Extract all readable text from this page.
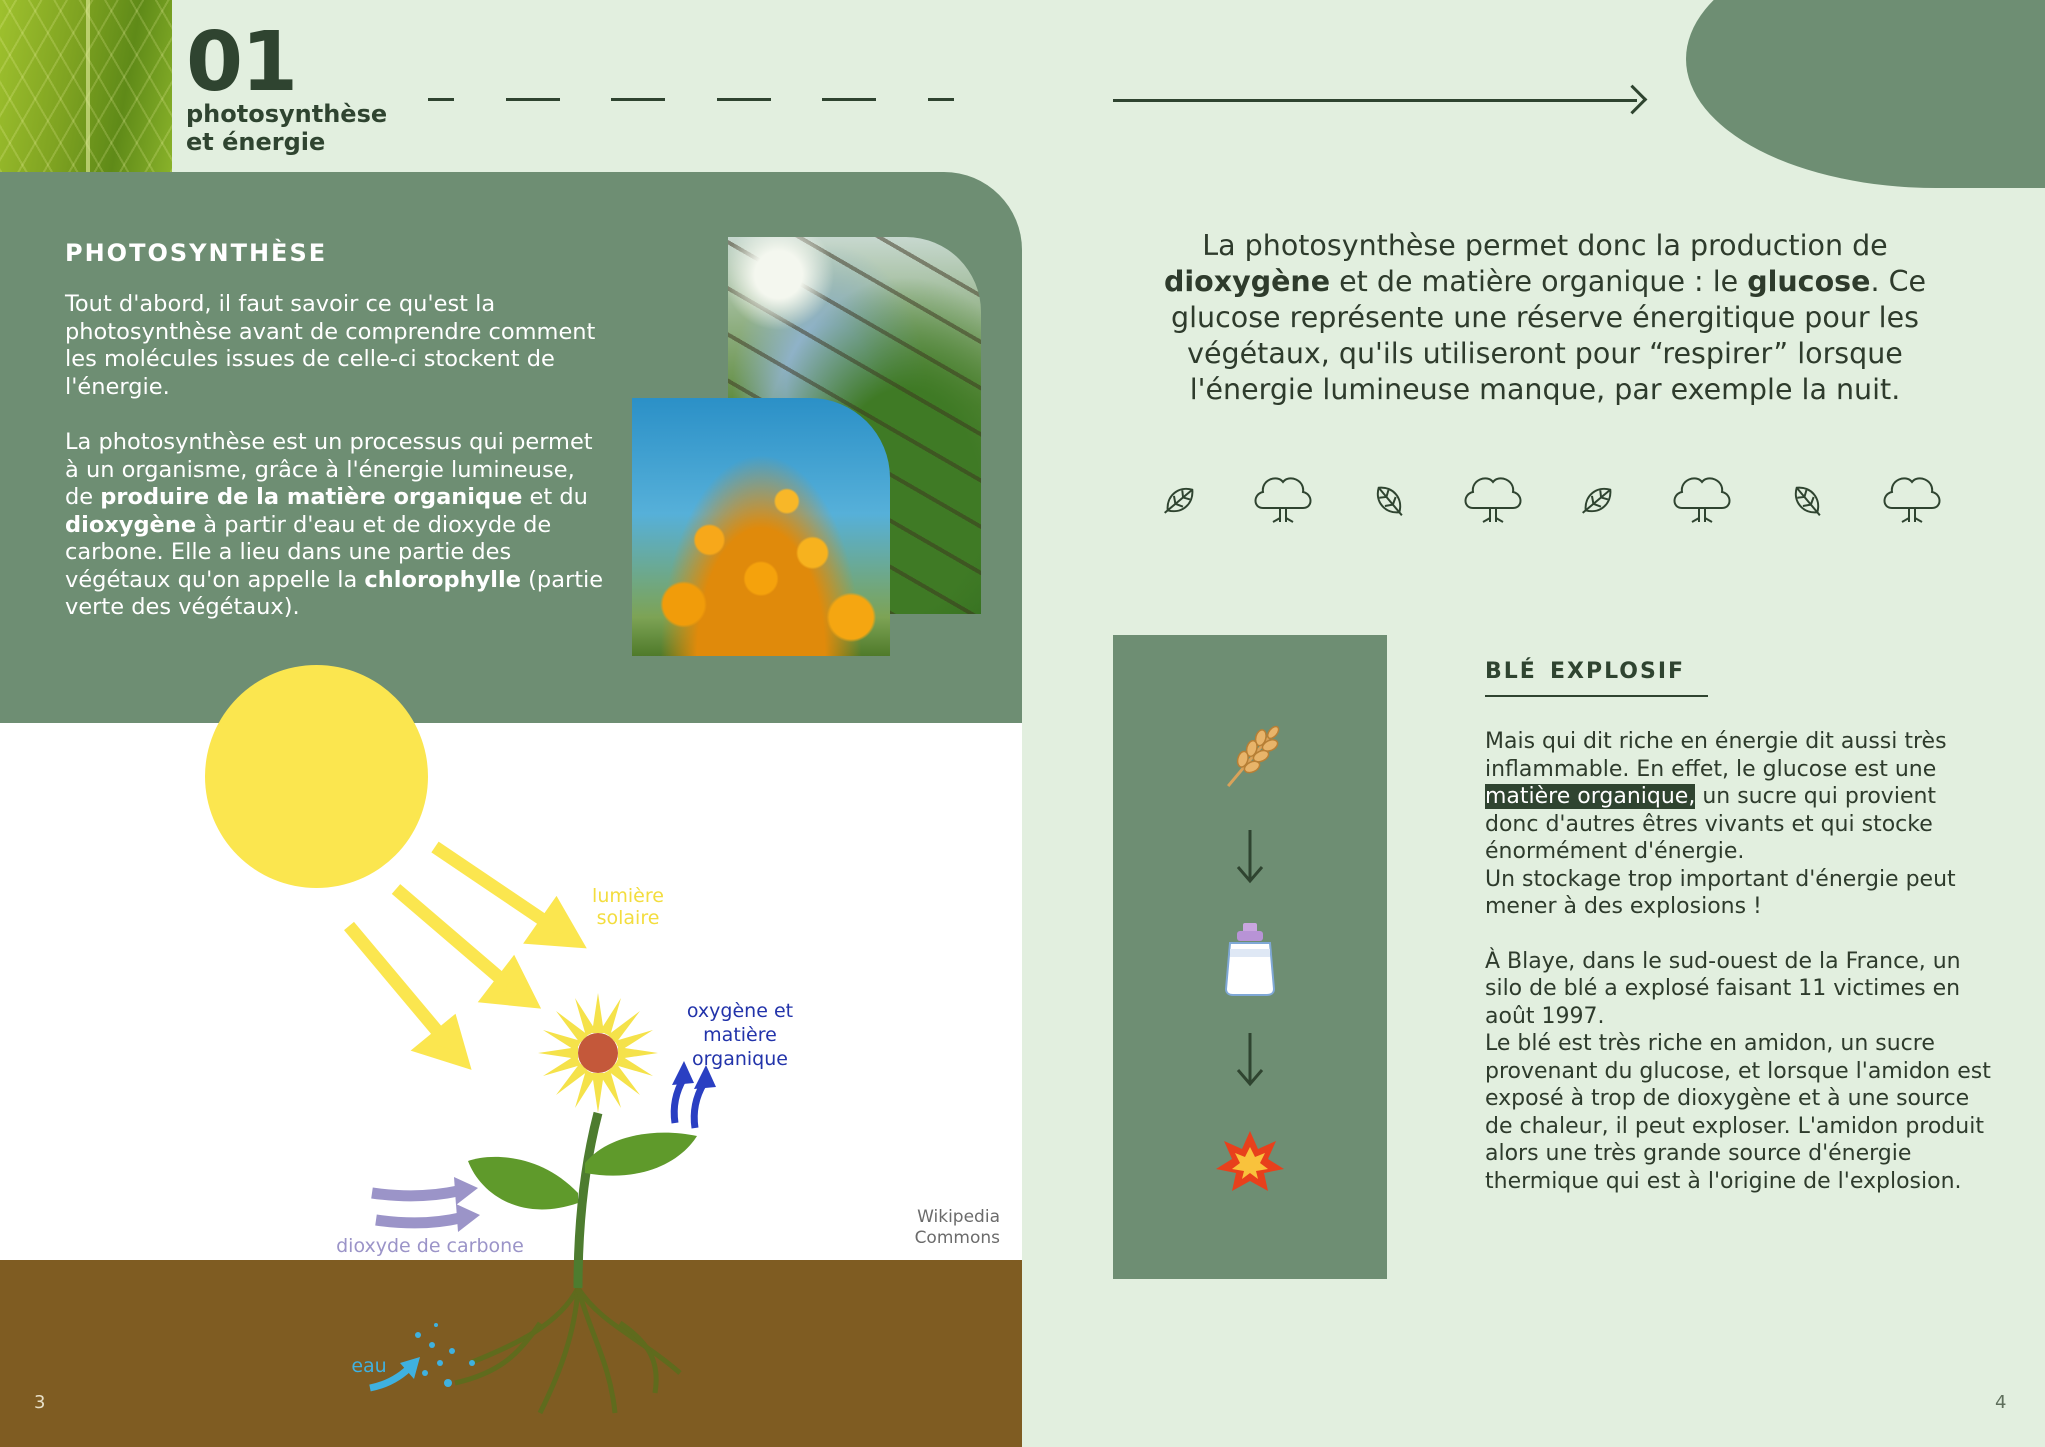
01
photosynthèse
et énergie
photosynthèse
Tout d'abord, il faut savoir ce qu'est la photosynthèse avant de comprendre comment les molécules issues de celle-ci stockent de l'énergie.
La photosynthèse est un processus qui permet à un organisme, grâce à l'énergie lumineuse, de produire de la matière organique et du dioxygène à partir d'eau et de dioxyde de carbone. Elle a lieu dans une partie des végétaux qu'on appelle la chlorophylle (partie verte des végétaux).
lumière
solaire
oxygène et
matière
organique
dioxyde de carbone
eau
Wikipedia
Commons
3
La photosynthèse permet donc la production de dioxygène et de matière organique : le glucose. Ce glucose représente une réserve énergitique pour les végétaux, qu'ils utiliseront pour “respirer” lorsque l'énergie lumineuse manque, par exemple la nuit.
blé explosif
Mais qui dit riche en énergie dit aussi très inflammable. En effet, le glucose est une matière organique, un sucre qui provient donc d'autres êtres vivants et qui stocke énormément d'énergie.
Un stockage trop important d'énergie peut mener à des explosions !
À Blaye, dans le sud-ouest de la France, un silo de blé a explosé faisant 11 victimes en août 1997.
Le blé est très riche en amidon, un sucre provenant du glucose, et lorsque l'amidon est exposé à trop de dioxygène et à une source de chaleur, il peut exploser. L'amidon produit alors une très grande source d'énergie thermique qui est à l'origine de l'explosion.
4
